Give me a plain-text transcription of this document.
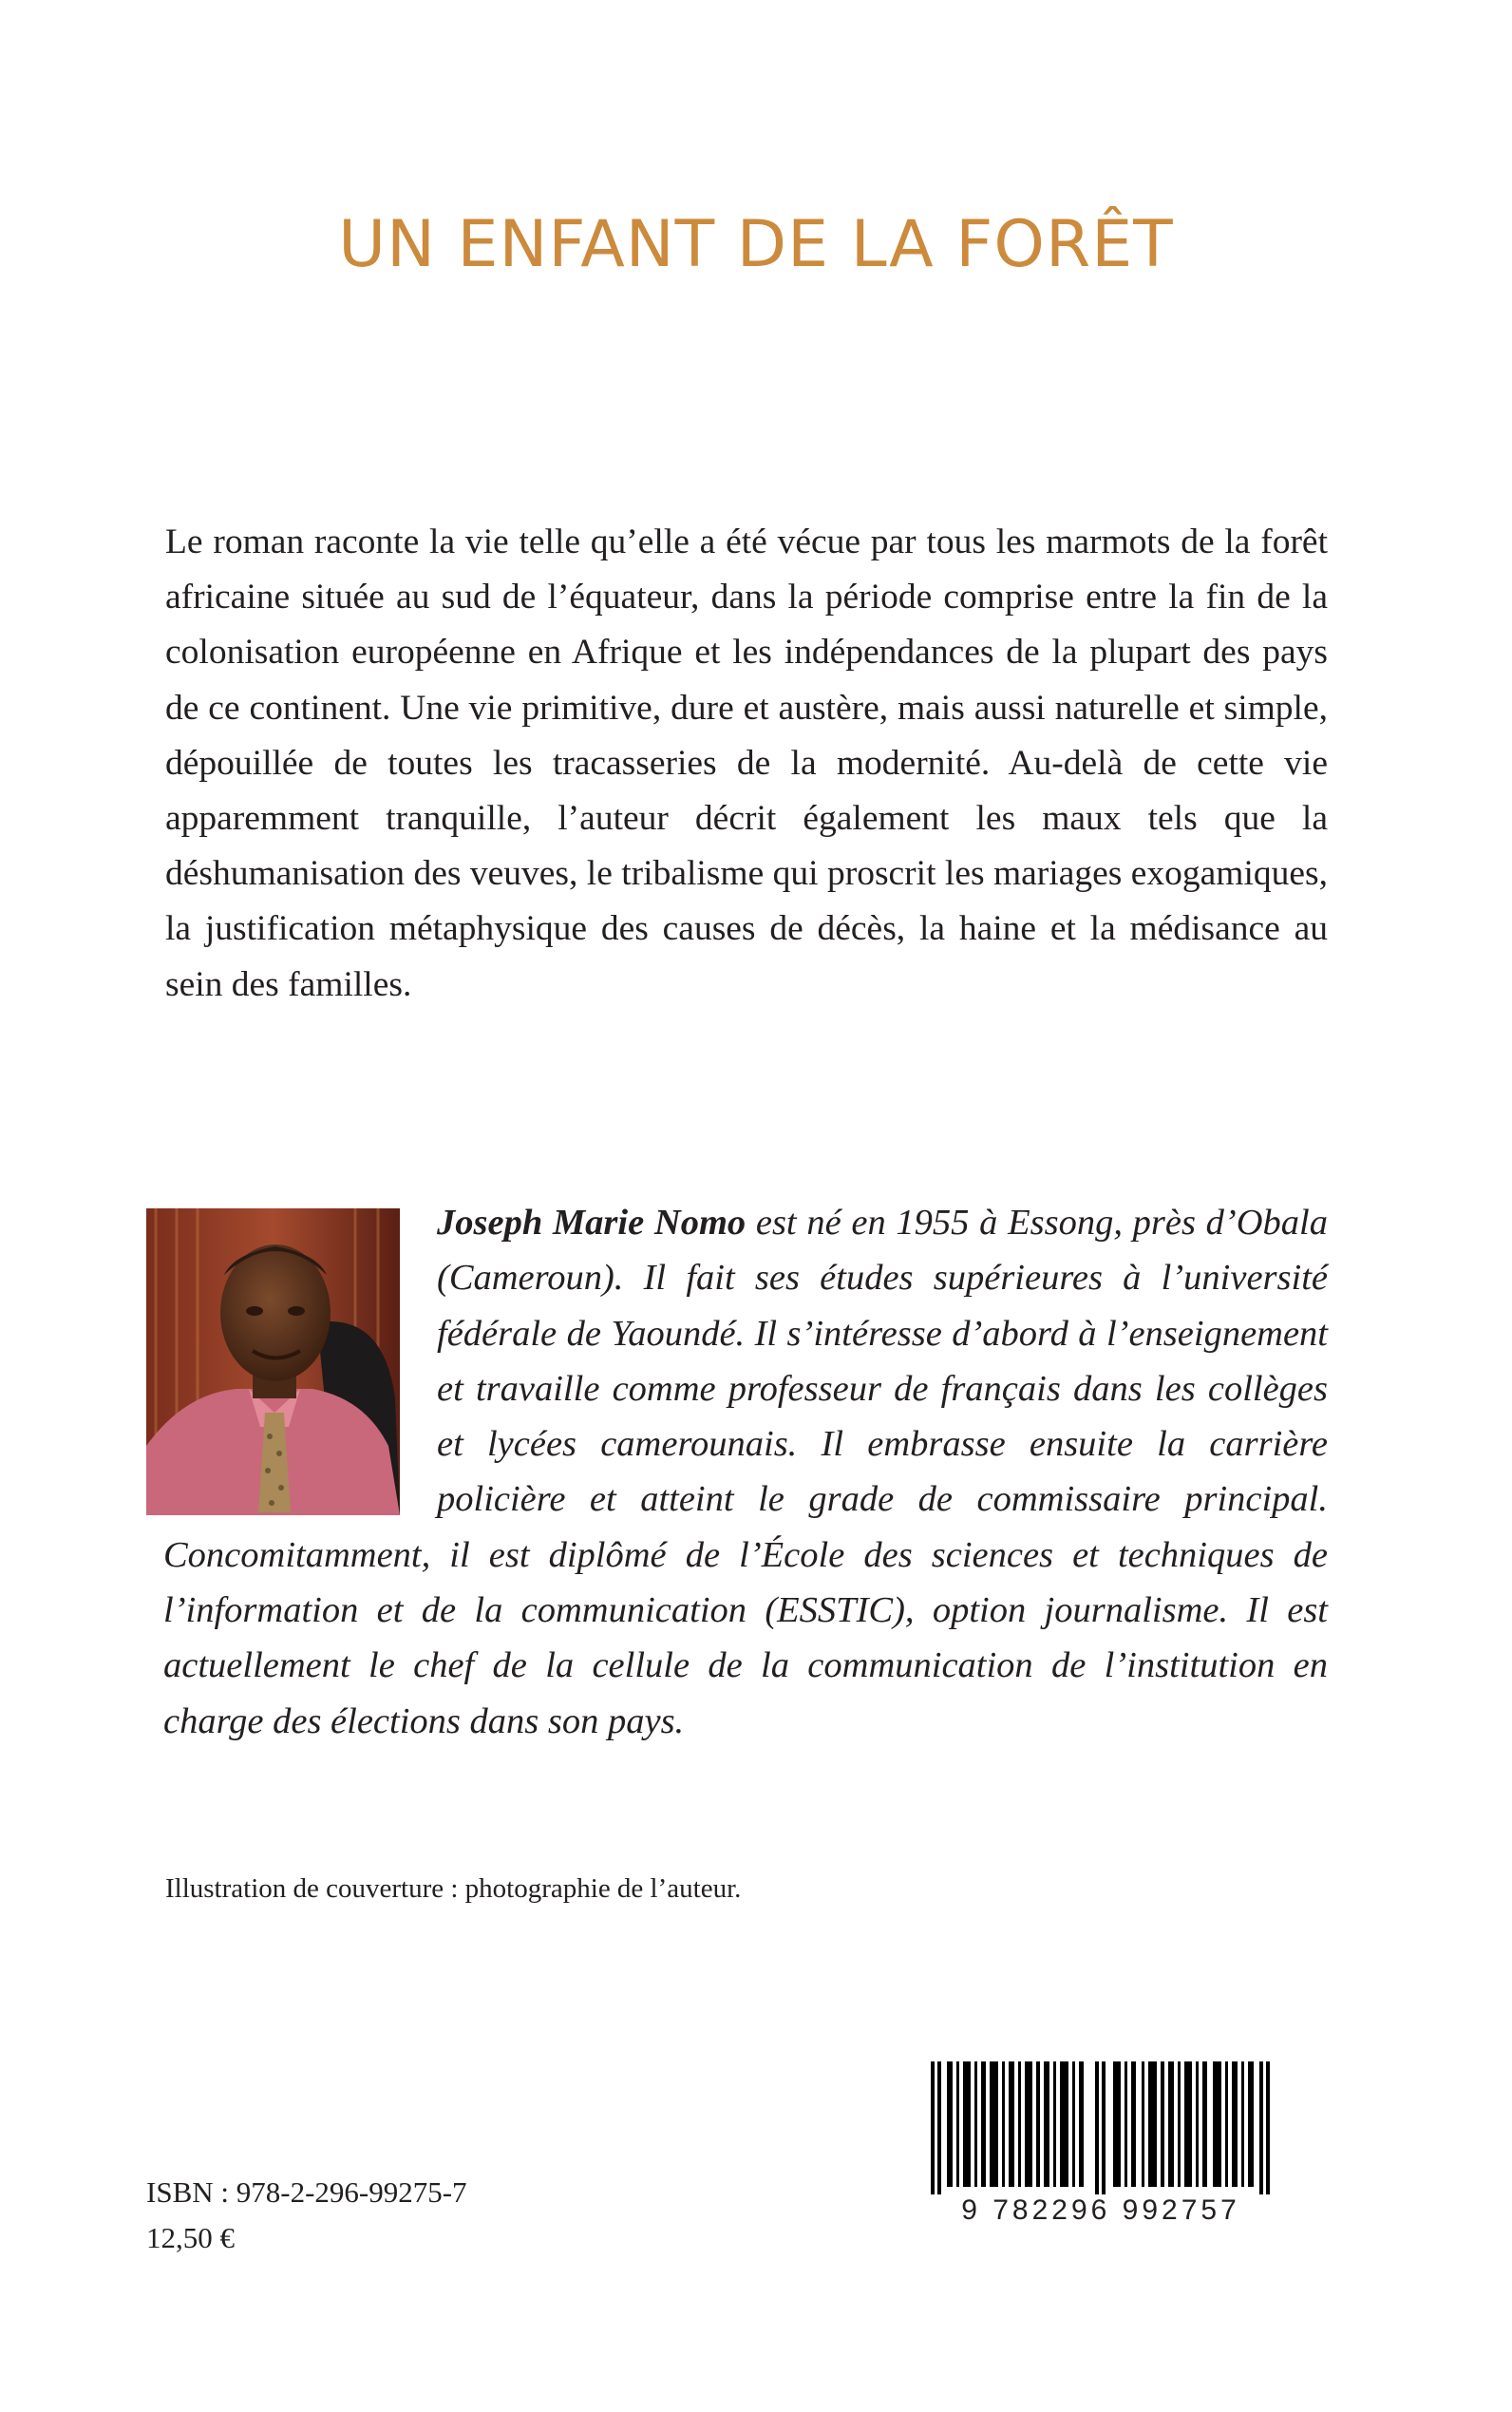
UN ENFANT DE LA FORÊT

Le roman raconte la vie telle qu’elle a été vécue par tous les marmots de la forêt africaine située au sud de l’équateur, dans la période comprise entre la fin de la colonisation européenne en Afrique et les indépendances de la plupart des pays de ce continent. Une vie primitive, dure et austère, mais aussi naturelle et simple, dépouillée de toutes les tracasseries de la modernité. Au-delà de cette vie apparemment tranquille, l’auteur décrit également les maux tels que la déshumanisation des veuves, le tribalisme qui proscrit les mariages exogamiques, la justification métaphysique des causes de décès, la haine et la médisance au sein des familles.

Joseph Marie Nomo est né en 1955 à Essong, près d’Obala (Cameroun). Il fait ses études supérieures à l’université fédérale de Yaoundé. Il s’intéresse d’abord à l’enseignement et travaille comme professeur de français dans les collèges et lycées camerounais. Il embrasse ensuite la carrière policière et atteint le grade de commissaire principal. Concomitamment, il est diplômé de l’École des sciences et techniques de l’information et de la communication (ESSTIC), option journalisme. Il est actuellement le chef de la cellule de la communication de l’institution en charge des élections dans son pays.

Illustration de couverture : photographie de l’auteur.

ISBN : 978-2-296-99275-7

12,50 €

9 782296 992757
